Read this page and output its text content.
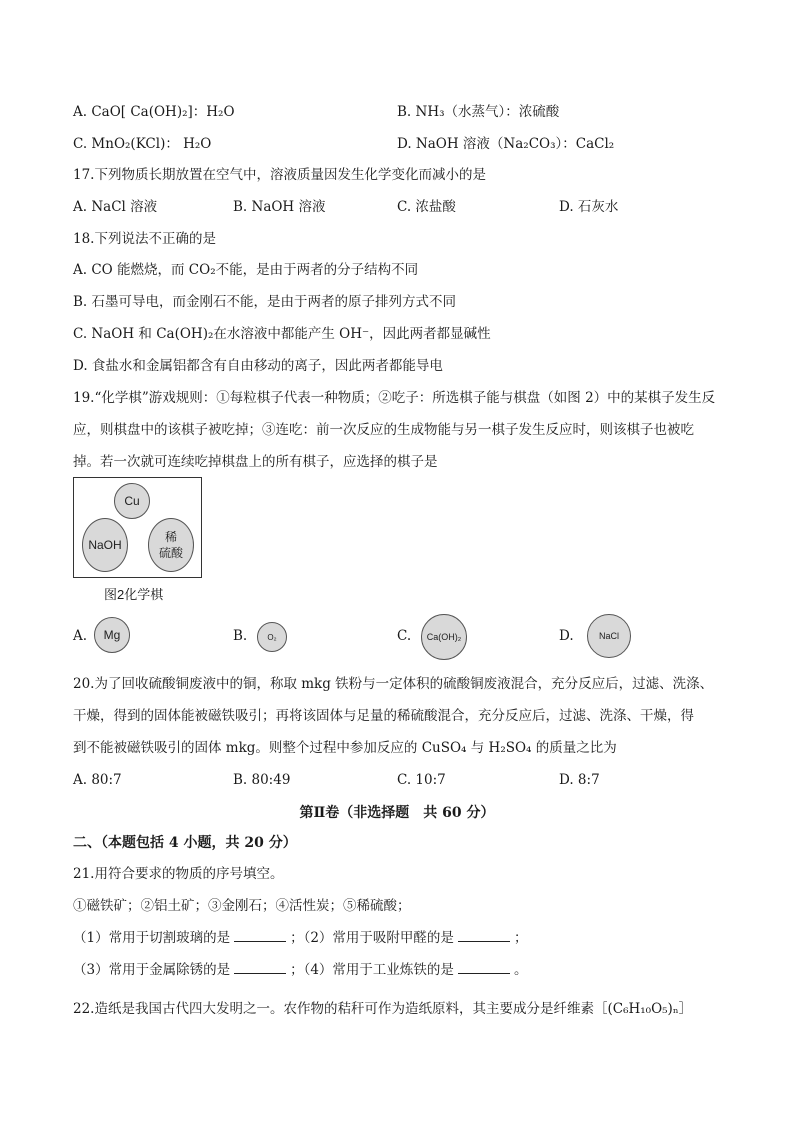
A. CaO[ Ca(OH)₂]：H₂O	B. NH₃（水蒸气）：浓硫酸
C. MnO₂(KCl)： H₂O	D. NaOH 溶液（Na₂CO₃）：CaCl₂
17.下列物质长期放置在空气中，溶液质量因发生化学变化而减小的是
A. NaCl 溶液	B. NaOH 溶液	C. 浓盐酸	D. 石灰水
18.下列说法不正确的是
A. CO 能燃烧，而 CO₂不能，是由于两者的分子结构不同
B. 石墨可导电，而金刚石不能，是由于两者的原子排列方式不同
C. NaOH 和 Ca(OH)₂在水溶液中都能产生 OH⁻，因此两者都显碱性
D. 食盐水和金属铝都含有自由移动的离子，因此两者都能导电
19.“化学棋”游戏规则：①每粒棋子代表一种物质；②吃子：所选棋子能与棋盘（如图 2）中的某棋子发生反
应，则棋盘中的该棋子被吃掉；③连吃：前一次反应的生成物能与另一棋子发生反应时，则该棋子也被吃
掉。若一次就可连续吃掉棋盘上的所有棋子，应选择的棋子是
Cu
NaOH
稀
硫酸
图2化学棋
A.	Mg	B.	O₂	C.	Ca(OH)₂	D.	NaCl
20.为了回收硫酸铜废液中的铜，称取 mkg 铁粉与一定体积的硫酸铜废液混合，充分反应后，过滤、洗涤、
干燥，得到的固体能被磁铁吸引；再将该固体与足量的稀硫酸混合，充分反应后，过滤、洗涤、干燥，得
到不能被磁铁吸引的固体 mkg。则整个过程中参加反应的 CuSO₄ 与 H₂SO₄ 的质量之比为
A. 80:7	B. 80:49	C. 10:7	D. 8:7
第Ⅱ卷（非选择题　共 60 分）
二、（本题包括 4 小题，共 20 分）
21.用符合要求的物质的序号填空。
①磁铁矿；②铝土矿；③金刚石；④活性炭；⑤稀硫酸；
（1）常用于切割玻璃的是	；（2）常用于吸附甲醛的是	；
（3）常用于金属除锈的是	；（4）常用于工业炼铁的是	。
22.造纸是我国古代四大发明之一。农作物的秸秆可作为造纸原料，其主要成分是纤维素［(C₆H₁₀O₅)ₙ］
